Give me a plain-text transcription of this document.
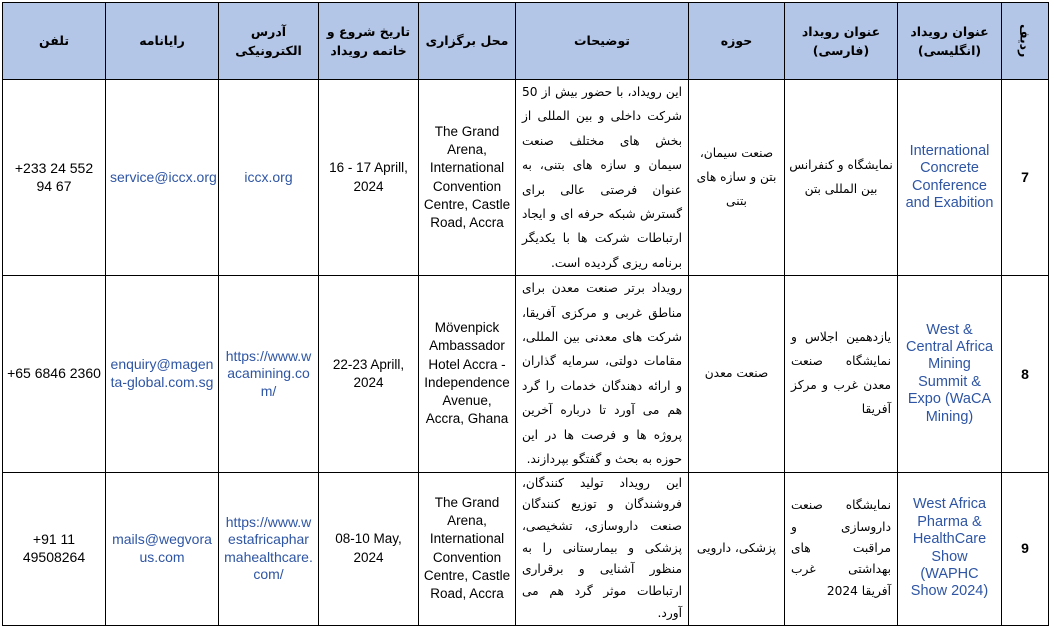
تلفن	رایانامه	آدرس الکترونیکی	تاریخ شروع و خاتمه رویداد	محل برگزاری	توضیحات	حوزه	عنوان رویداد (فارسی)	عنوان رویداد (انگلیسی)	ردیف
+233 24 552 94 67	service@iccx.org	iccx.org	16 - 17 Aprill, 2024	The Grand Arena, International Convention Centre, Castle Road, Accra	این رویداد، با حضور بیش از 50 شرکت داخلی و بین المللی از بخش های مختلف صنعت سیمان و سازه های بتنی، به عنوان فرصتی عالی برای گسترش شبکه حرفه ای و ایجاد ارتباطات شرکت ها با یکدیگر برنامه ریزی گردیده است.	صنعت سیمان، بتن و سازه های بتنی	نمایشگاه و کنفرانس بین المللی بتن	International Concrete Conference and Exabition	7
+65 6846 2360	enquiry@magenta-global.com.sg	https://www.wacamining.com/	22-23 Aprill, 2024	Mövenpick Ambassador Hotel Accra - Independence Avenue, Accra, Ghana	رویداد برتر صنعت معدن برای مناطق غربی و مرکزی آفریقا، شرکت های معدنی بین المللی، مقامات دولتی، سرمایه گذاران و ارائه دهندگان خدمات را گرد هم می آورد تا درباره آخرین پروژه ها و فرصت ها در این حوزه به بحث و گفتگو بپردازند.	صنعت معدن	یازدهمین اجلاس و نمایشگاه صنعت معدن غرب و مرکز آفریقا	West & Central Africa Mining Summit & Expo (WaCA Mining)	8
+91 11 49508264	mails@wegvoraus.com	https://www.westafricapharmahealthcare.com/	08-10 May, 2024	The Grand Arena, International Convention Centre, Castle Road, Accra	این رویداد تولید کنندگان، فروشندگان و توزیع کنندگان صنعت داروسازی، تشخیصی، پزشکی و بیمارستانی را به منظور آشنایی و برقراری ارتباطات موثر گرد هم می آورد.	پزشکی، دارویی	نمایشگاه صنعت داروسازی و مراقبت های بهداشتی غرب آفریقا 2024	West Africa Pharma & HealthCare Show (WAPHC Show 2024)	9
